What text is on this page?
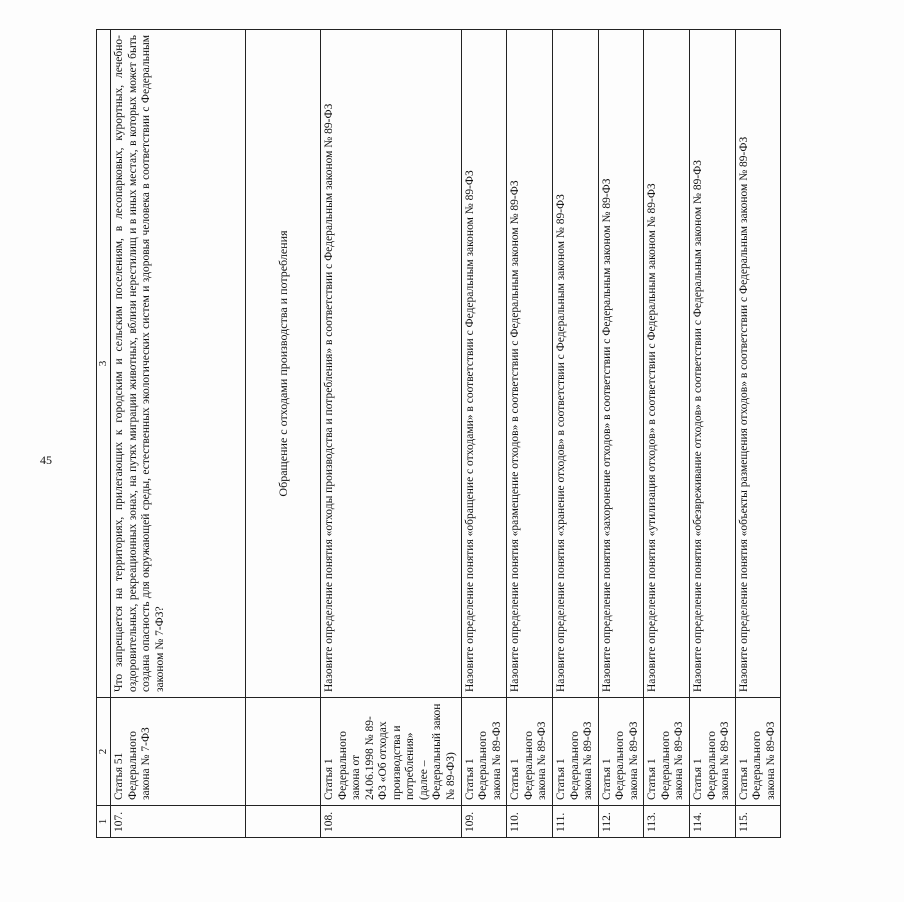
45
1	2	3
107.	Статья 51 Федерального закона № 7-ФЗ	Что запрещается на территориях, прилегающих к городским и сельским поселениям, в лесопарковых, курортных, лечебно-оздоровительных, рекреационных зонах, на путях миграции животных, вблизи нерестилищ и в иных местах, в которых может быть создана опасность для окружающей среды, естественных экологических систем и здоровья человека в соответствии с Федеральным законом № 7-ФЗ?
		Обращение с отходами производства и потребления
108.	Статья 1 Федерального закона от 24.06.1998 № 89-ФЗ «Об отходах производства и потребления» (далее – Федеральный закон № 89-ФЗ)	Назовите определение понятия «отходы производства и потребления» в соответствии с Федеральным законом № 89-ФЗ
109.	Статья 1 Федерального закона № 89-ФЗ	Назовите определение понятия «обращение с отходами» в соответствии с Федеральным законом № 89-ФЗ
110.	Статья 1 Федерального закона № 89-ФЗ	Назовите определение понятия «размещение отходов» в соответствии с Федеральным законом № 89-ФЗ
111.	Статья 1 Федерального закона № 89-ФЗ	Назовите определение понятия «хранение отходов» в соответствии с Федеральным законом № 89-ФЗ
112.	Статья 1 Федерального закона № 89-ФЗ	Назовите определение понятия «захоронение отходов» в соответствии с Федеральным законом № 89-ФЗ
113.	Статья 1 Федерального закона № 89-ФЗ	Назовите определение понятия «утилизация отходов» в соответствии с Федеральным законом № 89-ФЗ
114.	Статья 1 Федерального закона № 89-ФЗ	Назовите определение понятия «обезвреживание отходов» в соответствии с Федеральным законом № 89-ФЗ
115.	Статья 1 Федерального закона № 89-ФЗ	Назовите определение понятия «объекты размещения отходов» в соответствии с Федеральным законом № 89-ФЗ
